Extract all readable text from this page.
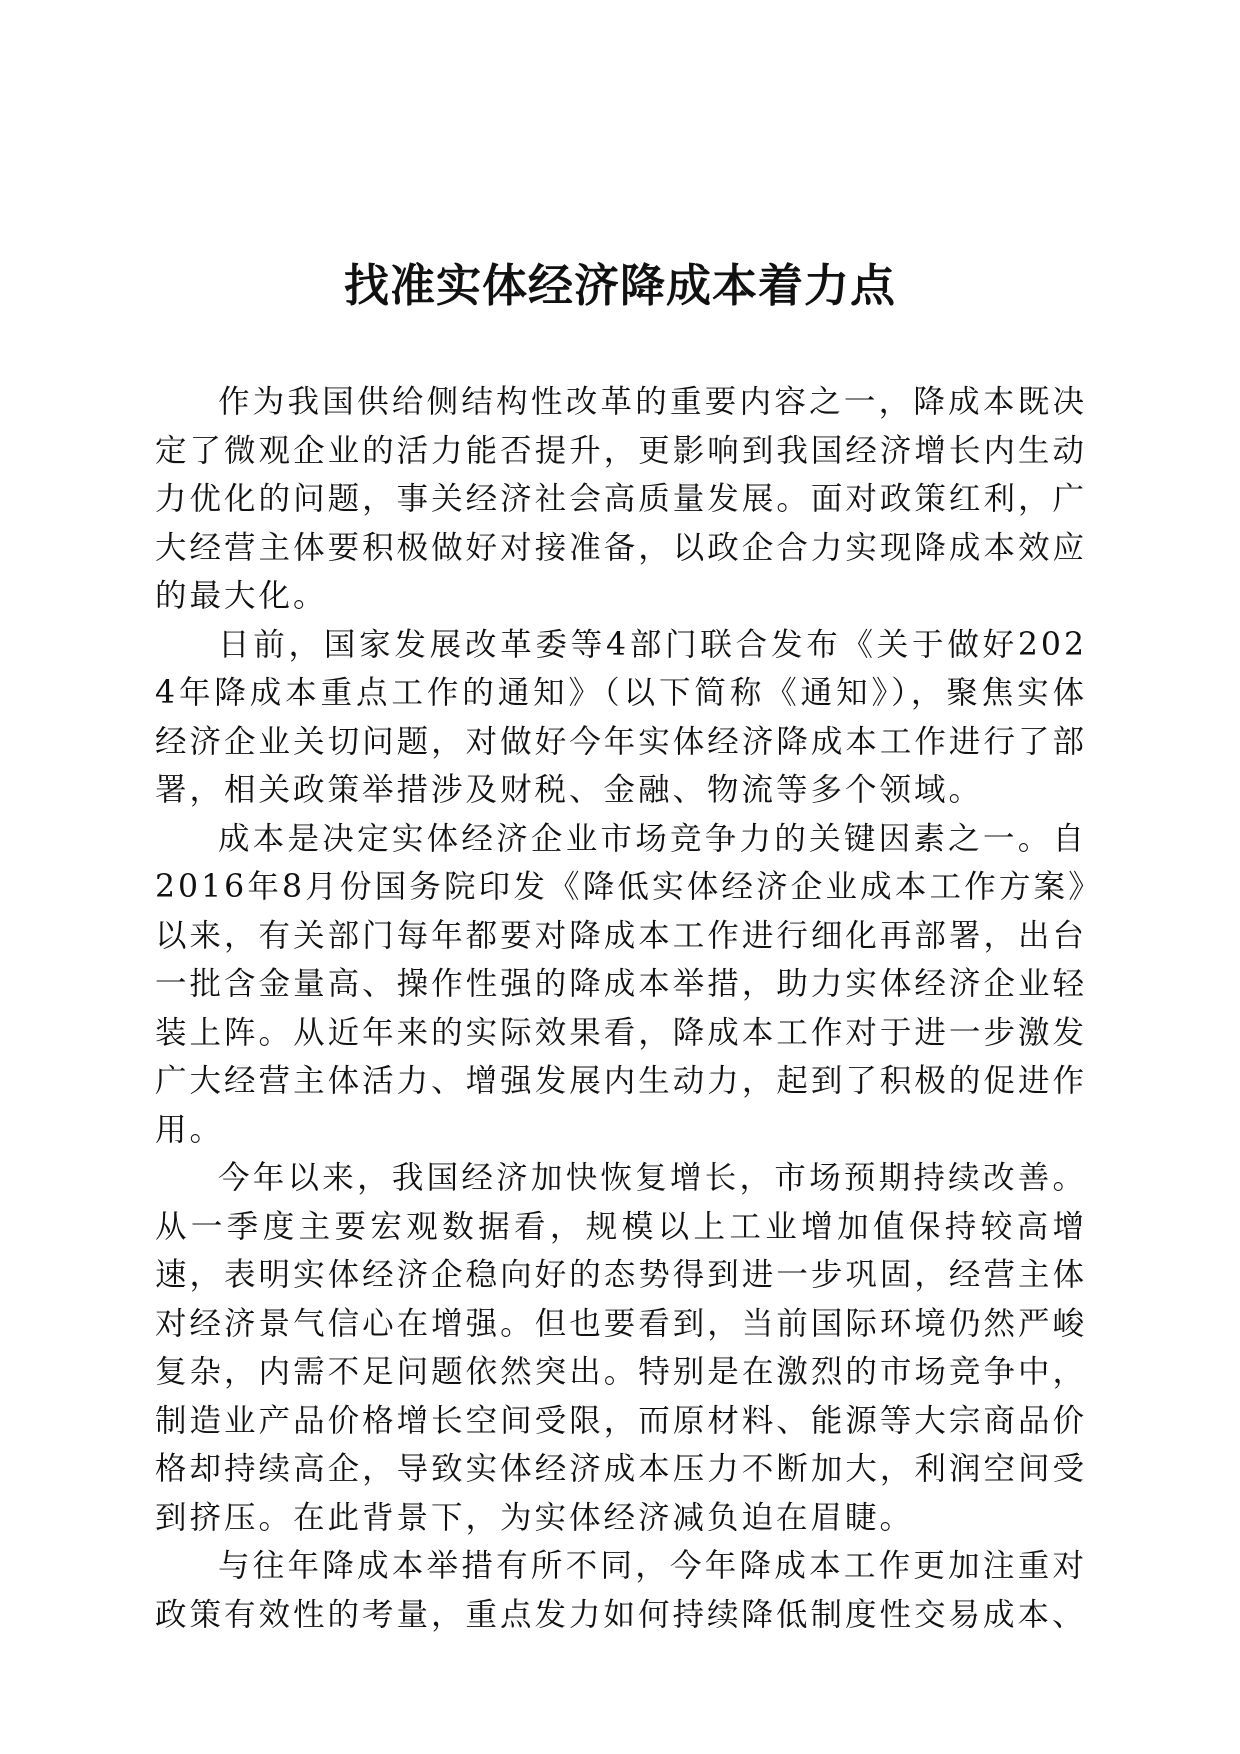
找准实体经济降成本着力点

作为我国供给侧结构性改革的重要内容之一，降成本既决定了微观企业的活力能否提升，更影响到我国经济增长内生动力优化的问题，事关经济社会高质量发展。面对政策红利，广大经营主体要积极做好对接准备，以政企合力实现降成本效应的最大化。

日前，国家发展改革委等4部门联合发布《关于做好2024年降成本重点工作的通知》（以下简称《通知》），聚焦实体经济企业关切问题，对做好今年实体经济降成本工作进行了部署，相关政策举措涉及财税、金融、物流等多个领域。

成本是决定实体经济企业市场竞争力的关键因素之一。自2016年8月份国务院印发《降低实体经济企业成本工作方案》以来，有关部门每年都要对降成本工作进行细化再部署，出台一批含金量高、操作性强的降成本举措，助力实体经济企业轻装上阵。从近年来的实际效果看，降成本工作对于进一步激发广大经营主体活力、增强发展内生动力，起到了积极的促进作用。

今年以来，我国经济加快恢复增长，市场预期持续改善。从一季度主要宏观数据看，规模以上工业增加值保持较高增速，表明实体经济企稳向好的态势得到进一步巩固，经营主体对经济景气信心在增强。但也要看到，当前国际环境仍然严峻复杂，内需不足问题依然突出。特别是在激烈的市场竞争中，制造业产品价格增长空间受限，而原材料、能源等大宗商品价格却持续高企，导致实体经济成本压力不断加大，利润空间受到挤压。在此背景下，为实体经济减负迫在眉睫。

与往年降成本举措有所不同，今年降成本工作更加注重对政策有效性的考量，重点发力如何持续降低制度性交易成本、
